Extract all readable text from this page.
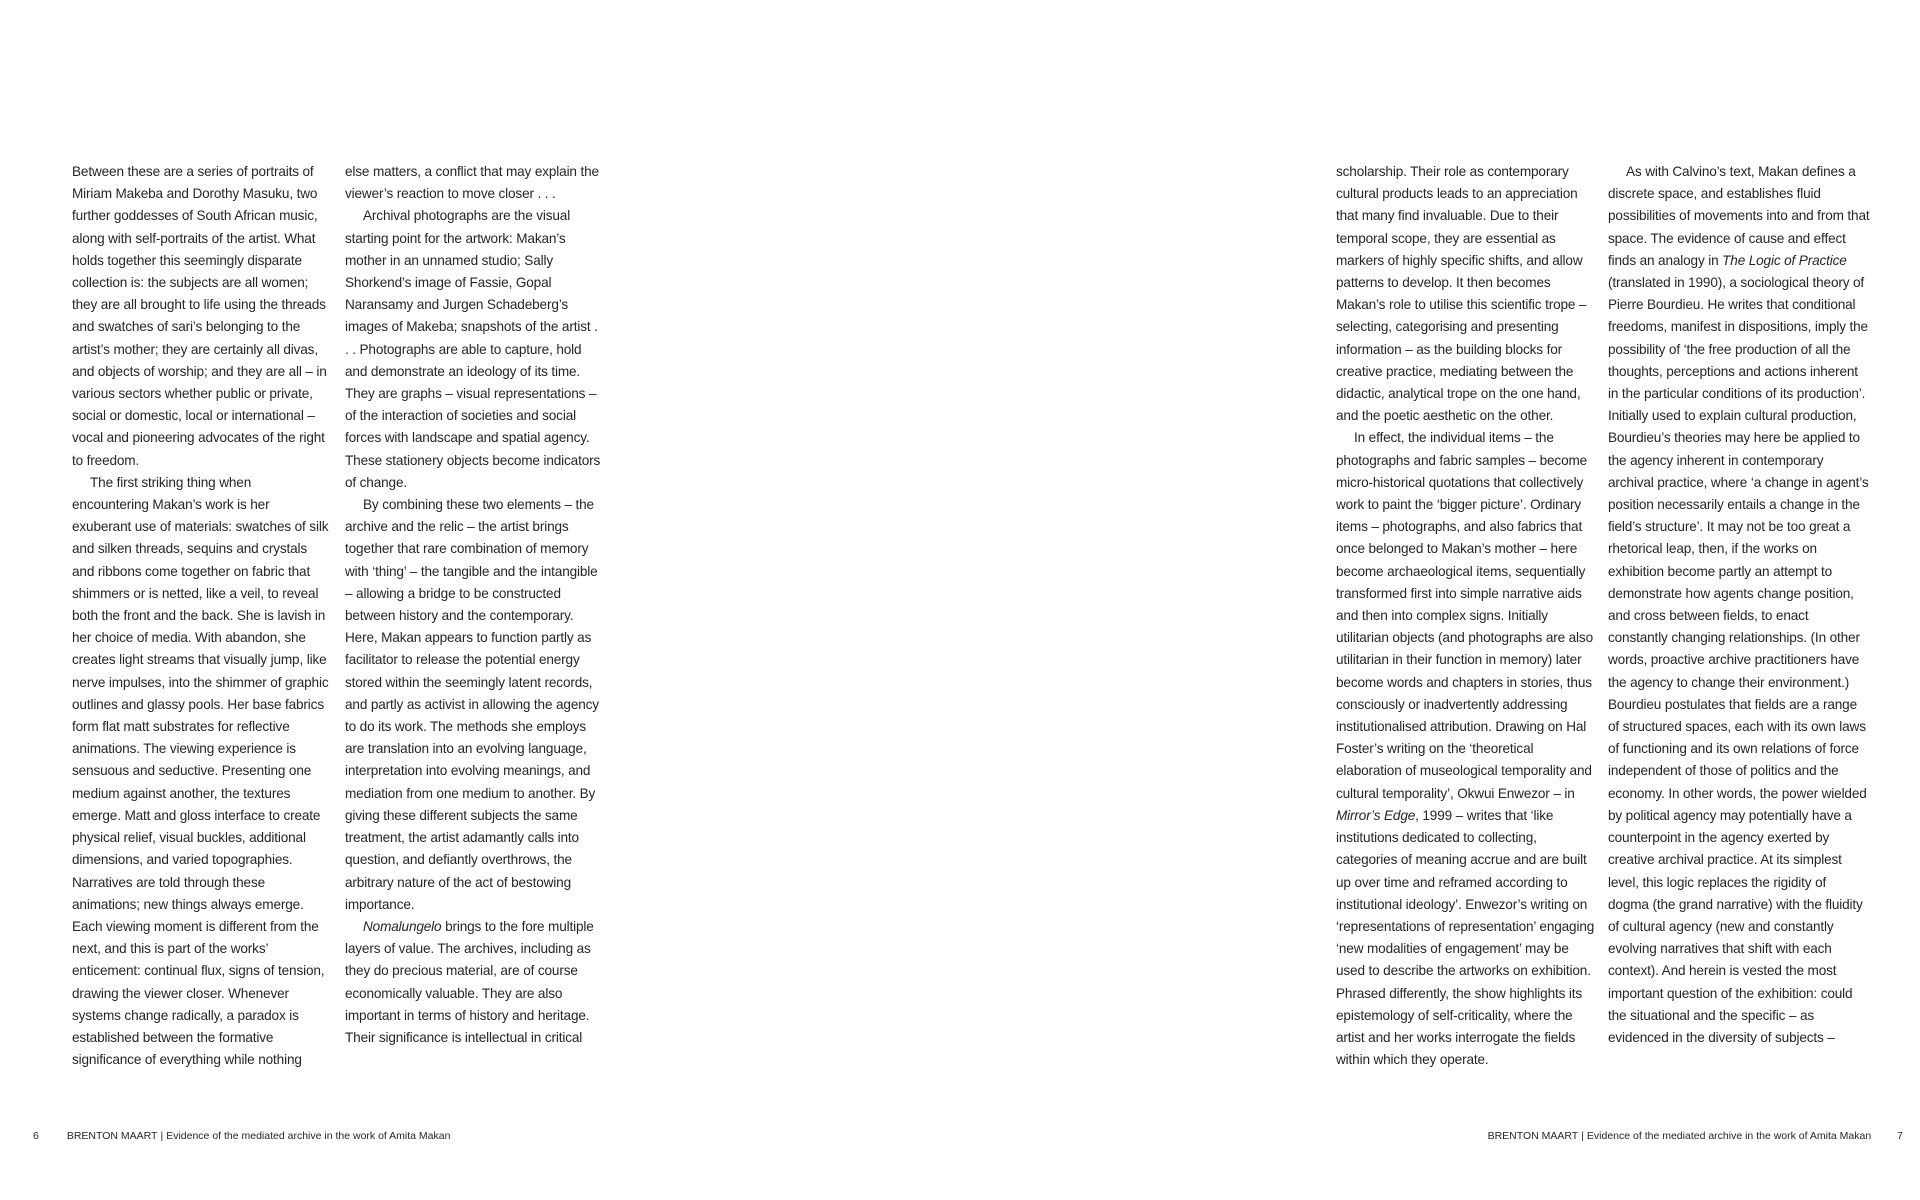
Between these are a series of portraits of Miriam Makeba and Dorothy Masuku, two further goddesses of South African music, along with self-portraits of the artist. What holds together this seemingly disparate collection is: the subjects are all women; they are all brought to life using the threads and swatches of sari’s belonging to the artist’s mother; they are certainly all divas, and objects of worship; and they are all – in various sectors whether public or private, social or domestic, local or international – vocal and pioneering advocates of the right to freedom.

The first striking thing when encountering Makan’s work is her exuberant use of materials: swatches of silk and silken threads, sequins and crystals and ribbons come together on fabric that shimmers or is netted, like a veil, to reveal both the front and the back. She is lavish in her choice of media. With abandon, she creates light streams that visually jump, like nerve impulses, into the shimmer of graphic outlines and glassy pools. Her base fabrics form flat matt substrates for reflective animations. The viewing experience is sensuous and seductive. Presenting one medium against another, the textures emerge. Matt and gloss interface to create physical relief, visual buckles, additional dimensions, and varied topographies. Narratives are told through these animations; new things always emerge. Each viewing moment is different from the next, and this is part of the works’ enticement: continual flux, signs of tension, drawing the viewer closer. Whenever systems change radically, a paradox is established between the formative significance of everything while nothing

else matters, a conflict that may explain the viewer’s reaction to move closer . . .

Archival photographs are the visual starting point for the artwork: Makan’s mother in an unnamed studio; Sally Shorkend’s image of Fassie, Gopal Naransamy and Jurgen Schadeberg’s images of Makeba; snapshots of the artist . . . Photographs are able to capture, hold and demonstrate an ideology of its time. They are graphs – visual representations – of the interaction of societies and social forces with landscape and spatial agency. These stationery objects become indicators of change.

By combining these two elements – the archive and the relic – the artist brings together that rare combination of memory with ‘thing’ – the tangible and the intangible – allowing a bridge to be constructed between history and the contemporary. Here, Makan appears to function partly as facilitator to release the potential energy stored within the seemingly latent records, and partly as activist in allowing the agency to do its work. The methods she employs are translation into an evolving language, interpretation into evolving meanings, and mediation from one medium to another. By giving these different subjects the same treatment, the artist adamantly calls into question, and defiantly overthrows, the arbitrary nature of the act of bestowing importance.

Nomalungelo brings to the fore multiple layers of value. The archives, including as they do precious material, are of course economically valuable. They are also important in terms of history and heritage. Their significance is intellectual in critical

scholarship. Their role as contemporary cultural products leads to an appreciation that many find invaluable. Due to their temporal scope, they are essential as markers of highly specific shifts, and allow patterns to develop. It then becomes Makan’s role to utilise this scientific trope – selecting, categorising and presenting information – as the building blocks for creative practice, mediating between the didactic, analytical trope on the one hand, and the poetic aesthetic on the other.

In effect, the individual items – the photographs and fabric samples – become micro-historical quotations that collectively work to paint the ‘bigger picture’. Ordinary items – photographs, and also fabrics that once belonged to Makan’s mother – here become archaeological items, sequentially transformed first into simple narrative aids and then into complex signs. Initially utilitarian objects (and photographs are also utilitarian in their function in memory) later become words and chapters in stories, thus consciously or inadvertently addressing institutionalised attribution. Drawing on Hal Foster’s writing on the ‘theoretical elaboration of museological temporality and cultural temporality’, Okwui Enwezor – in Mirror’s Edge, 1999 – writes that ‘like institutions dedicated to collecting, categories of meaning accrue and are built up over time and reframed according to institutional ideology’. Enwezor’s writing on ‘representations of representation’ engaging ‘new modalities of engagement’ may be used to describe the artworks on exhibition. Phrased differently, the show highlights its epistemology of self-criticality, where the artist and her works interrogate the fields within which they operate.

As with Calvino’s text, Makan defines a discrete space, and establishes fluid possibilities of movements into and from that space. The evidence of cause and effect finds an analogy in The Logic of Practice (translated in 1990), a sociological theory of Pierre Bourdieu. He writes that conditional freedoms, manifest in dispositions, imply the possibility of ‘the free production of all the thoughts, perceptions and actions inherent in the particular conditions of its production’. Initially used to explain cultural production, Bourdieu’s theories may here be applied to the agency inherent in contemporary archival practice, where ‘a change in agent’s position necessarily entails a change in the field’s structure’. It may not be too great a rhetorical leap, then, if the works on exhibition become partly an attempt to demonstrate how agents change position, and cross between fields, to enact constantly changing relationships. (In other words, proactive archive practitioners have the agency to change their environment.) Bourdieu postulates that fields are a range of structured spaces, each with its own laws of functioning and its own relations of force independent of those of politics and the economy. In other words, the power wielded by political agency may potentially have a counterpoint in the agency exerted by creative archival practice. At its simplest level, this logic replaces the rigidity of dogma (the grand narrative) with the fluidity of cultural agency (new and constantly evolving narratives that shift with each context). And herein is vested the most important question of the exhibition: could the situational and the specific – as evidenced in the diversity of subjects –

6	BRENTON MAART | Evidence of the mediated archive in the work of Amita Makan	BRENTON MAART | Evidence of the mediated archive in the work of Amita Makan 7
